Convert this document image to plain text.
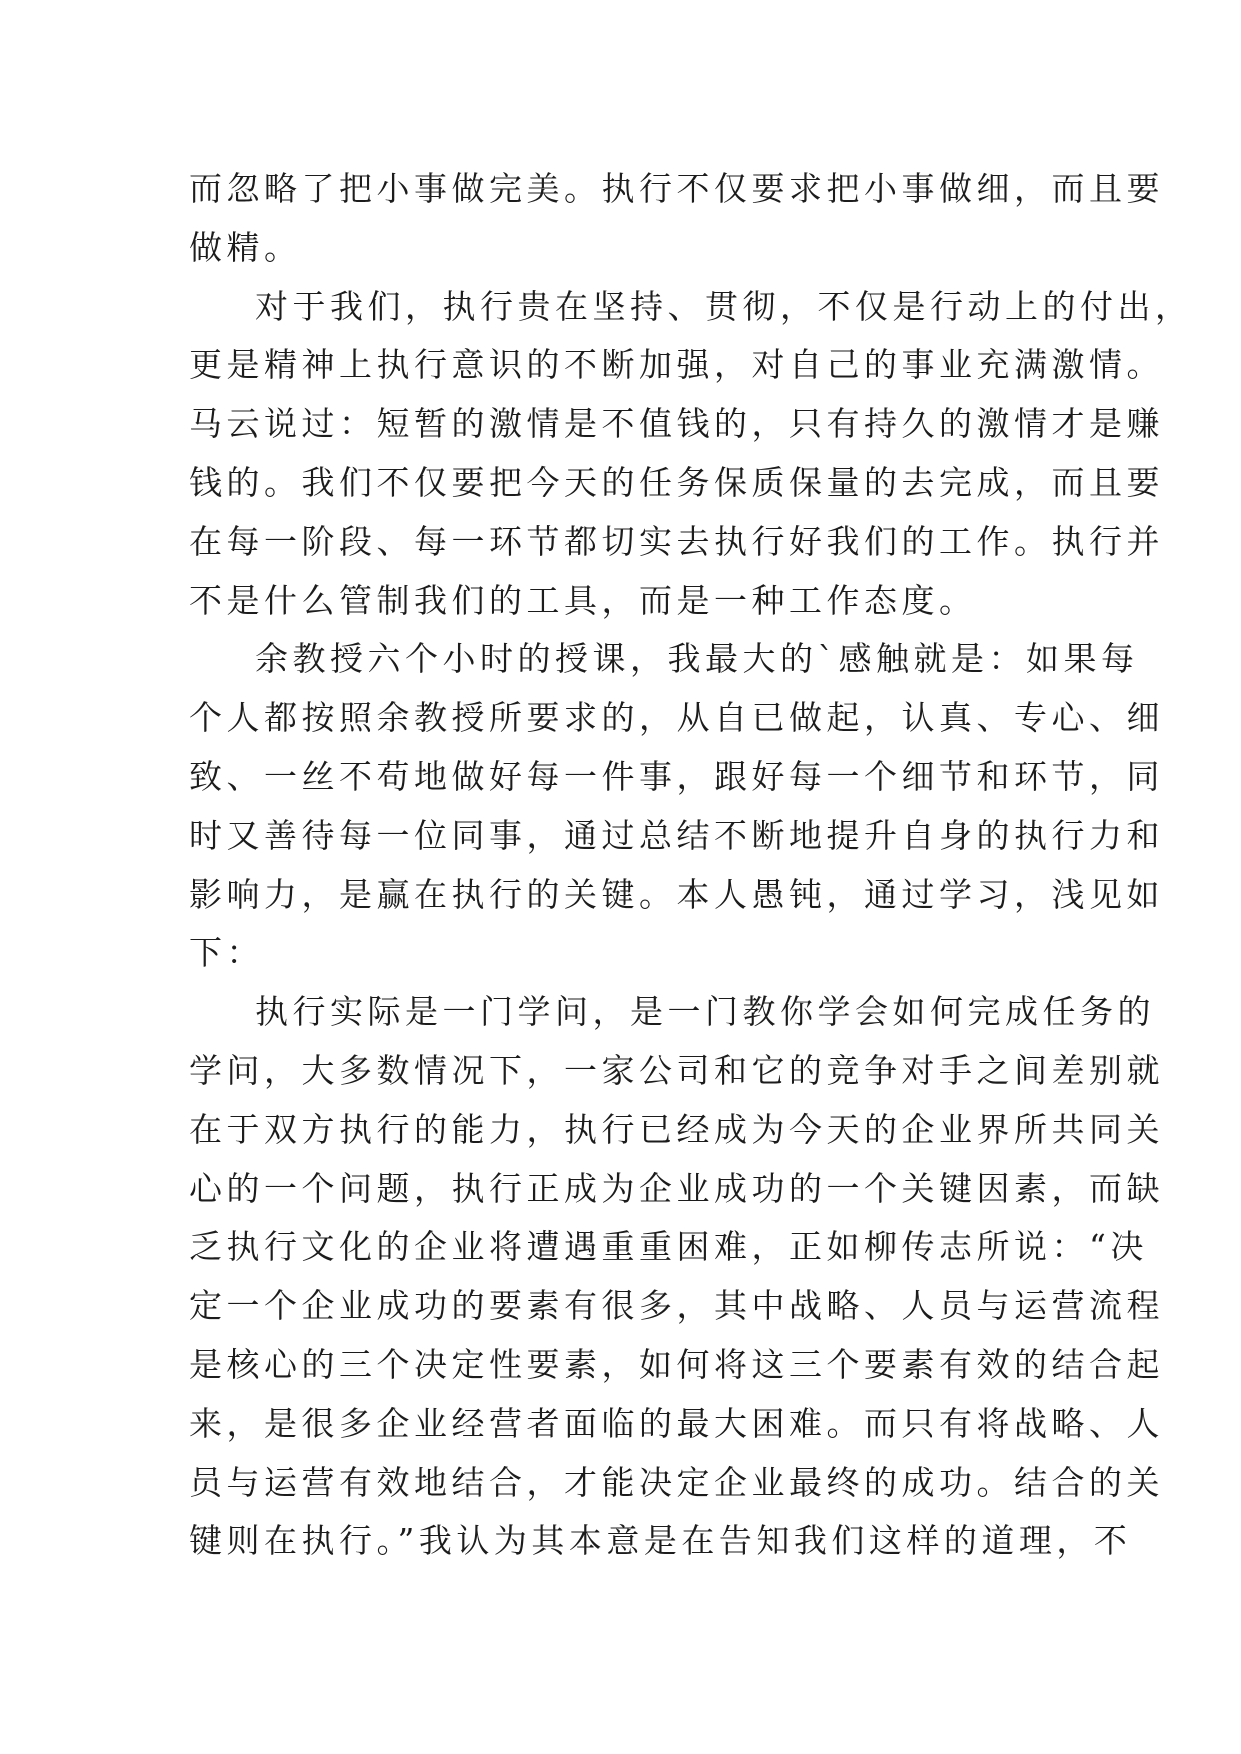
而忽略了把小事做完美。执行不仅要求把小事做细，而且要
做精。
对于我们，执行贵在坚持、贯彻，不仅是行动上的付出，
更是精神上执行意识的不断加强，对自己的事业充满激情。
马云说过：短暂的激情是不值钱的，只有持久的激情才是赚
钱的。我们不仅要把今天的任务保质保量的去完成，而且要
在每一阶段、每一环节都切实去执行好我们的工作。执行并
不是什么管制我们的工具，而是一种工作态度。
余教授六个小时的授课，我最大的`感触就是：如果每
个人都按照余教授所要求的，从自已做起，认真、专心、细
致、一丝不苟地做好每一件事，跟好每一个细节和环节，同
时又善待每一位同事，通过总结不断地提升自身的执行力和
影响力，是赢在执行的关键。本人愚钝，通过学习，浅见如
下：
执行实际是一门学问，是一门教你学会如何完成任务的
学问，大多数情况下，一家公司和它的竞争对手之间差别就
在于双方执行的能力，执行已经成为今天的企业界所共同关
心的一个问题，执行正成为企业成功的一个关键因素，而缺
乏执行文化的企业将遭遇重重困难，正如柳传志所说：“决
定一个企业成功的要素有很多，其中战略、人员与运营流程
是核心的三个决定性要素，如何将这三个要素有效的结合起
来，是很多企业经营者面临的最大困难。而只有将战略、人
员与运营有效地结合，才能决定企业最终的成功。结合的关
键则在执行。”我认为其本意是在告知我们这样的道理，不
